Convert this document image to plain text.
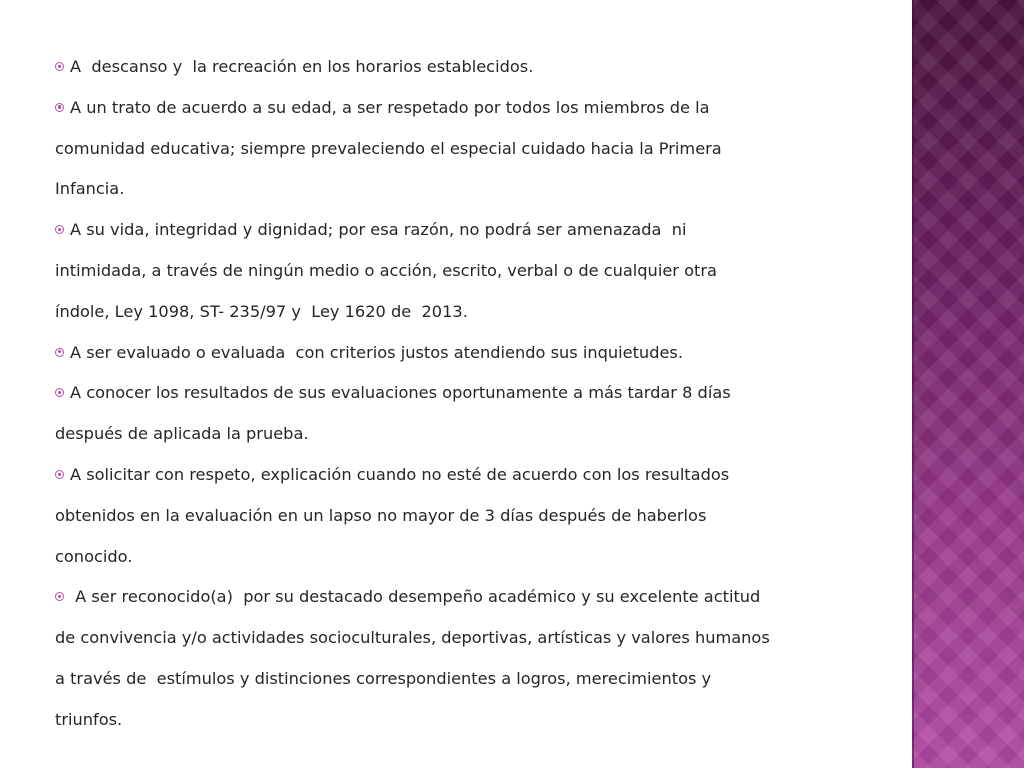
A  descanso y  la recreación en los horarios establecidos.

A un trato de acuerdo a su edad, a ser respetado por todos los miembros de la
comunidad educativa; siempre prevaleciendo el especial cuidado hacia la Primera
Infancia.

A su vida, integridad y dignidad; por esa razón, no podrá ser amenazada  ni
intimidada, a través de ningún medio o acción, escrito, verbal o de cualquier otra
índole, Ley 1098, ST- 235/97 y  Ley 1620 de  2013.

A ser evaluado o evaluada  con criterios justos atendiendo sus inquietudes.

A conocer los resultados de sus evaluaciones oportunamente a más tardar 8 días
después de aplicada la prueba.

A solicitar con respeto, explicación cuando no esté de acuerdo con los resultados
obtenidos en la evaluación en un lapso no mayor de 3 días después de haberlos
conocido.

A ser reconocido(a)  por su destacado desempeño académico y su excelente actitud
de convivencia y/o actividades socioculturales, deportivas, artísticas y valores humanos
a través de  estímulos y distinciones correspondientes a logros, merecimientos y
triunfos.
